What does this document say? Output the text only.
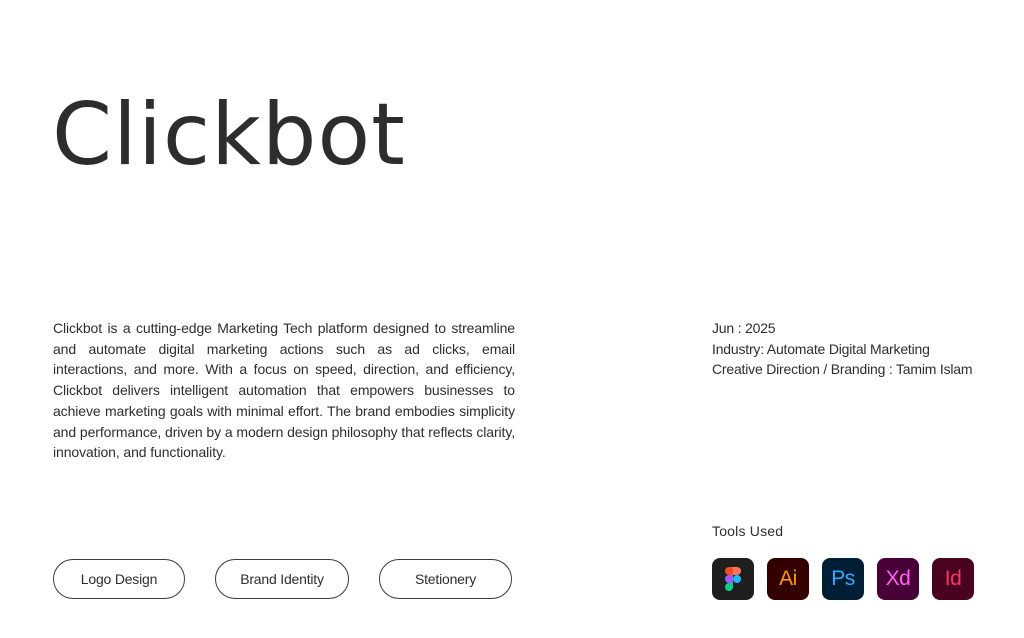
Clickbot

Clickbot is a cutting-edge Marketing Tech platform designed to streamline and automate digital marketing actions such as ad clicks, email interactions, and more. With a focus on speed, direction, and efficiency, Clickbot delivers intelligent automation that empowers businesses to achieve marketing goals with minimal effort. The brand embodies simplicity and performance, driven by a modern design philosophy that reflects clarity, innovation, and functionality.

Jun : 2025
Industry: Automate Digital Marketing
Creative Direction / Branding : Tamim Islam
Logo Design	Brand Identity	Stetionery
Tools Used
Ai	Ps	Xd	Id
